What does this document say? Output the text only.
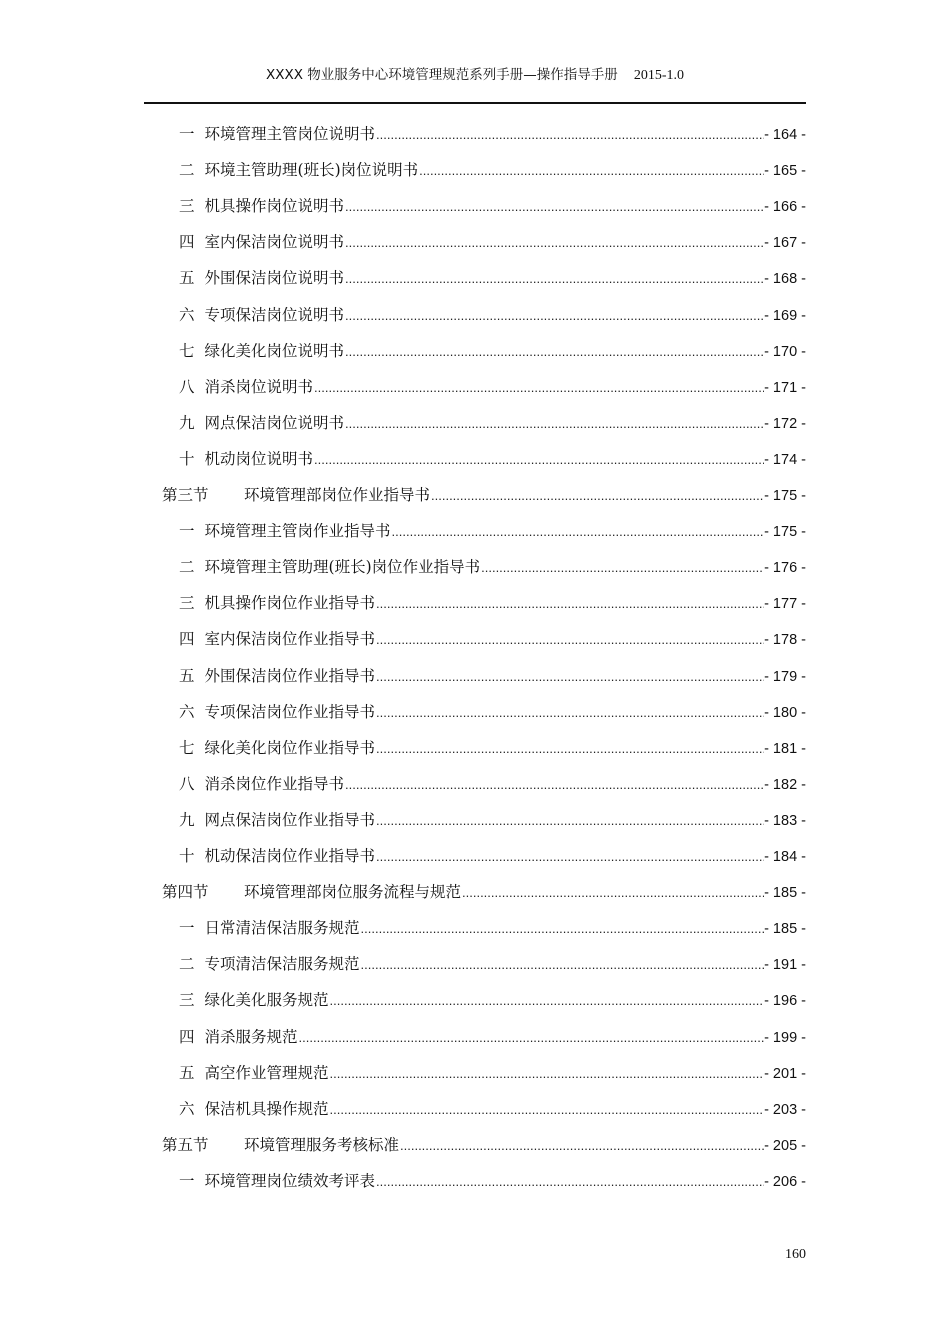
XXXX 物业服务中心环境管理规范系列手册—操作指导手册 2015-1.0
一 环境管理主管岗位说明书 .....	- 164 -
二 环境主管助理(班长)岗位说明书 .....	- 165 -
三 机具操作岗位说明书 .....	- 166 -
四 室内保洁岗位说明书 .....	- 167 -
五 外围保洁岗位说明书 .....	- 168 -
六 专项保洁岗位说明书 .....	- 169 -
七 绿化美化岗位说明书 .....	- 170 -
八 消杀岗位说明书 .....	- 171 -
九 网点保洁岗位说明书 .....	- 172 -
十 机动岗位说明书 .....	- 174 -
第三节	环境管理部岗位作业指导书 .....	- 175 -
一 环境管理主管岗作业指导书 .....	- 175 -
二 环境管理主管助理(班长)岗位作业指导书 .....	- 176 -
三 机具操作岗位作业指导书 .....	- 177 -
四 室内保洁岗位作业指导书 .....	- 178 -
五 外围保洁岗位作业指导书 .....	- 179 -
六 专项保洁岗位作业指导书 .....	- 180 -
七 绿化美化岗位作业指导书 .....	- 181 -
八 消杀岗位作业指导书 .....	- 182 -
九 网点保洁岗位作业指导书 .....	- 183 -
十 机动保洁岗位作业指导书 .....	- 184 -
第四节	环境管理部岗位服务流程与规范 .....	- 185 -
一 日常清洁保洁服务规范 .....	- 185 -
二 专项清洁保洁服务规范 .....	- 191 -
三 绿化美化服务规范 .....	- 196 -
四 消杀服务规范 .....	- 199 -
五 高空作业管理规范 .....	- 201 -
六 保洁机具操作规范 .....	- 203 -
第五节	环境管理服务考核标准 .....	- 205 -
一 环境管理岗位绩效考评表 .....	- 206 -
160
